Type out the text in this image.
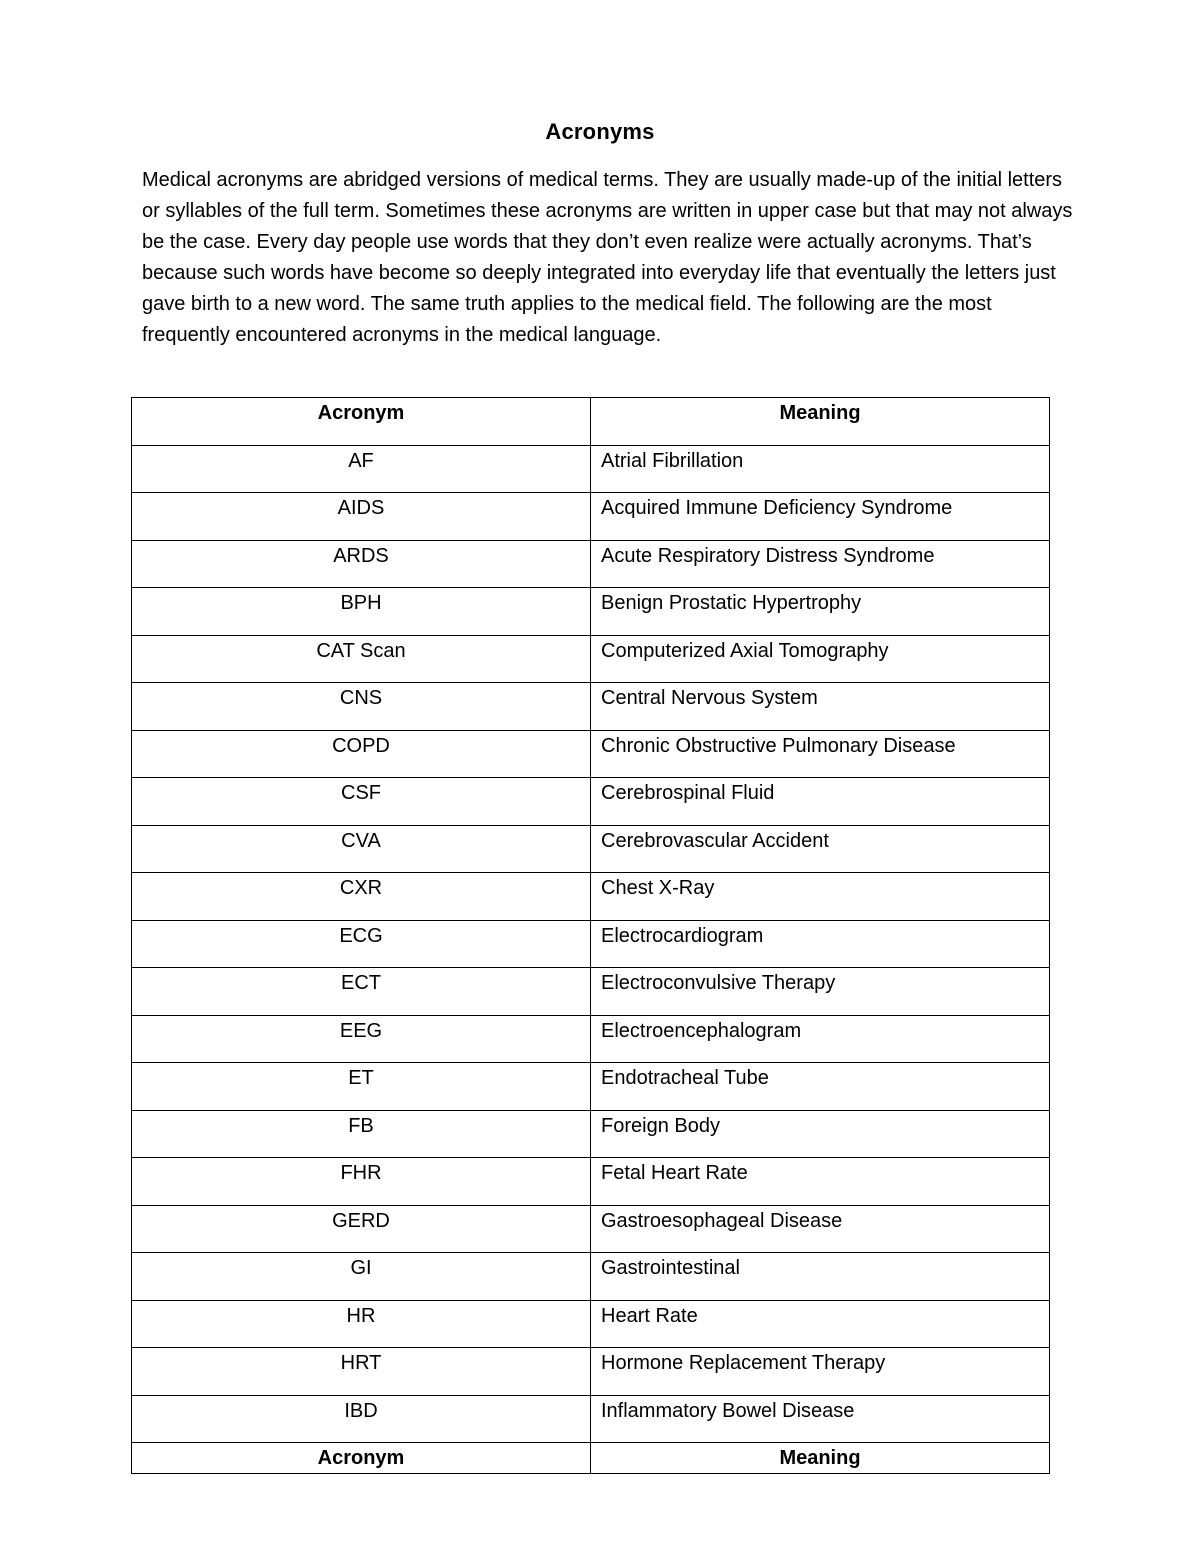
Acronyms

Medical acronyms are abridged versions of medical terms. They are usually made-up of the initial letters or syllables of the full term. Sometimes these acronyms are written in upper case but that may not always be the case. Every day people use words that they don’t even realize were actually acronyms. That’s because such words have become so deeply integrated into everyday life that eventually the letters just gave birth to a new word. The same truth applies to the medical field. The following are the most frequently encountered acronyms in the medical language.

Acronym	Meaning
AF	Atrial Fibrillation
AIDS	Acquired Immune Deficiency Syndrome
ARDS	Acute Respiratory Distress Syndrome
BPH	Benign Prostatic Hypertrophy
CAT Scan	Computerized Axial Tomography
CNS	Central Nervous System
COPD	Chronic Obstructive Pulmonary Disease
CSF	Cerebrospinal Fluid
CVA	Cerebrovascular Accident
CXR	Chest X-Ray
ECG	Electrocardiogram
ECT	Electroconvulsive Therapy
EEG	Electroencephalogram
ET	Endotracheal Tube
FB	Foreign Body
FHR	Fetal Heart Rate
GERD	Gastroesophageal Disease
GI	Gastrointestinal
HR	Heart Rate
HRT	Hormone Replacement Therapy
IBD	Inflammatory Bowel Disease
Acronym	Meaning
